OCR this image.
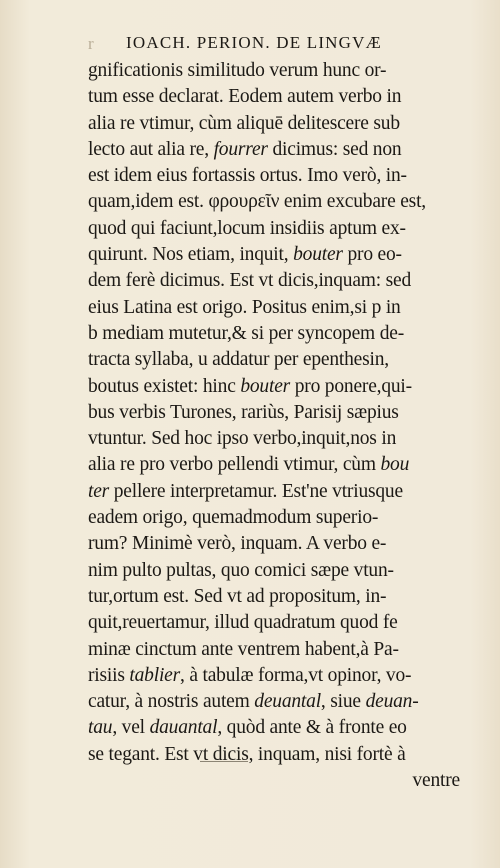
r IOACH. PERION. DE LINGVÆ
gnificationis similitudo verum hunc or-
tum esse declarat. Eodem autem verbo in
alia re vtimur, cùm aliquē delitescere sub
lecto aut alia re, fourrer dicimus: sed non
est idem eius fortassis ortus. Imo verò, in-
quam,idem est. φρουρεῖν enim excubare est,
quod qui faciunt,locum insidiis aptum ex-
quirunt. Nos etiam, inquit, bouter pro eo-
dem ferè dicimus. Est vt dicis,inquam: sed
eius Latina est origo. Positus enim,si p in
b mediam mutetur,& si per syncopem de-
tracta syllaba, u addatur per epenthesin,
boutus existet: hinc bouter pro ponere,qui-
bus verbis Turones, rariùs, Parisij sæpius
vtuntur. Sed hoc ipso verbo,inquit,nos in
alia re pro verbo pellendi vtimur, cùm bou
ter pellere interpretamur. Est'ne vtriusque
eadem origo, quemadmodum superio-
rum? Minimè verò, inquam. A verbo e-
nim pulto pultas, quo comici sæpe vtun-
tur,ortum est. Sed vt ad propositum, in-
quit,reuertamur, illud quadratum quod fe
minæ cinctum ante ventrem habent,à Pa-
risiis tablier, à tabulæ forma,vt opinor, vo-
catur, à nostris autem deuantal, siue deuan-
tau, vel dauantal, quòd ante & à fronte eo
se tegant. Est vt dicis, inquam, nisi fortè à
ventre
